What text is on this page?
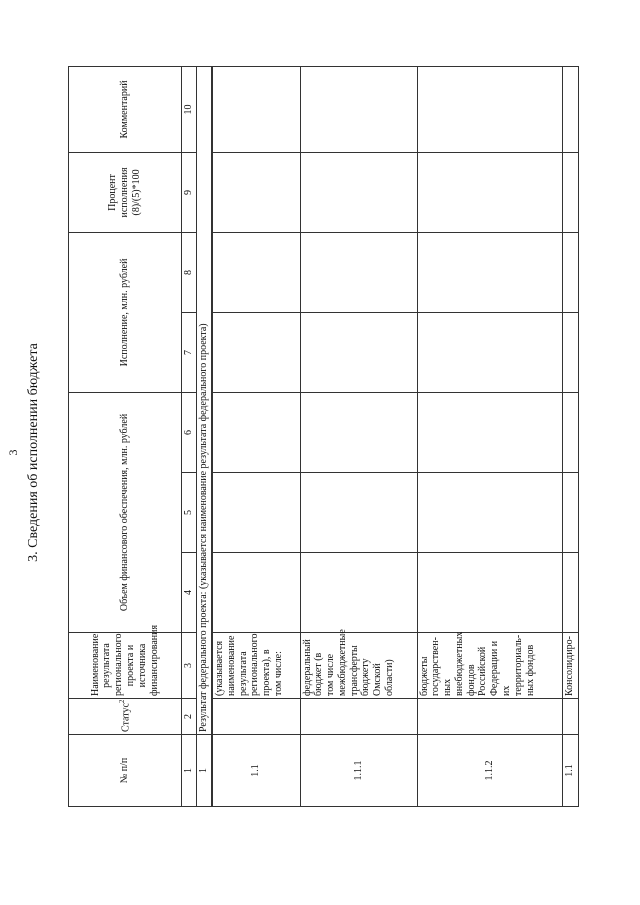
3 3. Сведения об исполнении бюджета
№ п/п	Статус$^2$	Наименование результата регионального проекта и источника финансирования	Объем финансового обеспечения, млн. рублей			Исполнение, млн. рублей		Процент исполнения (8)/(5)*100	Комментарий
1	2	3	4	5	6	7	8	9	10
1	Результат федерального проекта: (указывается наименование результата федерального проекта)								
1.1		(указывается наименование результата регионального проекта), в том числе:							
1.1.1		федеральный бюджет (в том числе межбюджетные трансферты бюджету Омской области)							
1.1.2		бюджеты государствен-ных внебюджетных фондов Российской Федерации и их территориаль-ных фондов							
1.1		Консолидиро-							
